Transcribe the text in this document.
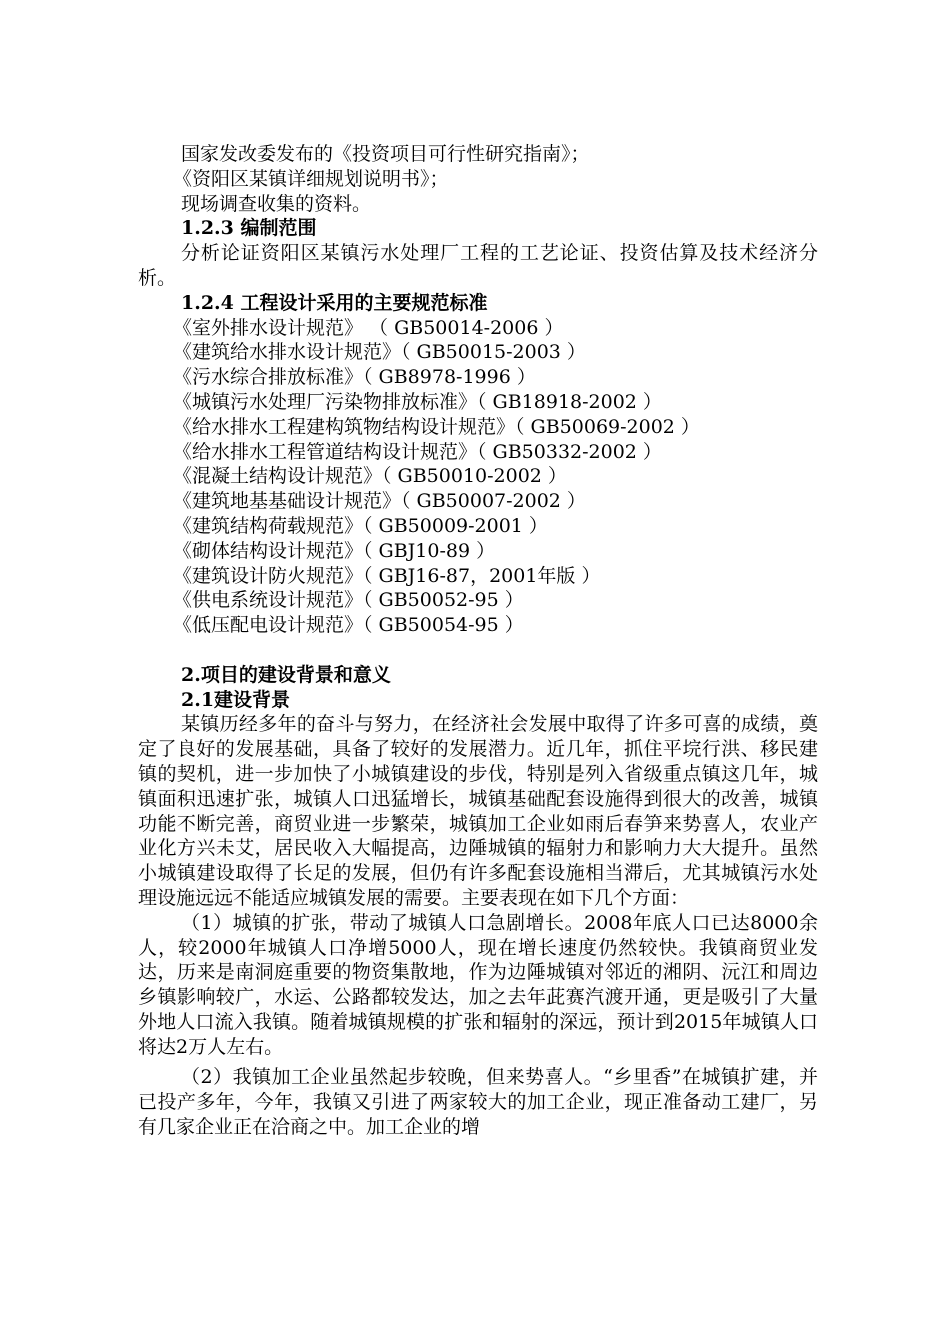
国家发改委发布的《投资项目可行性研究指南》；
《资阳区某镇详细规划说明书》；
现场调查收集的资料。
1.2.3 编制范围
分析论证资阳区某镇污水处理厂工程的工艺论证、投资估算及技术经济分析。
1.2.4 工程设计采用的主要规范标准
《室外排水设计规范》 （ GB50014-2006 ）
《建筑给水排水设计规范》（ GB50015-2003 ）
《污水综合排放标准》（ GB8978-1996 ）
《城镇污水处理厂污染物排放标准》（ GB18918-2002 ）
《给水排水工程建构筑物结构设计规范》（ GB50069-2002 ）
《给水排水工程管道结构设计规范》（ GB50332-2002 ）
《混凝土结构设计规范》（ GB50010-2002 ）
《建筑地基基础设计规范》（ GB50007-2002 ）
《建筑结构荷载规范》（ GB50009-2001 ）
《砌体结构设计规范》（ GBJ10-89 ）
《建筑设计防火规范》（ GBJ16-87，2001年版 ）
《供电系统设计规范》（ GB50052-95 ）
《低压配电设计规范》（ GB50054-95 ）
2.项目的建设背景和意义
2.1建设背景
某镇历经多年的奋斗与努力，在经济社会发展中取得了许多可喜的成绩，奠定了良好的发展基础，具备了较好的发展潜力。近几年，抓住平垸行洪、移民建镇的契机，进一步加快了小城镇建设的步伐，特别是列入省级重点镇这几年，城镇面积迅速扩张，城镇人口迅猛增长，城镇基础配套设施得到很大的改善，城镇功能不断完善，商贸业进一步繁荣，城镇加工企业如雨后春笋来势喜人，农业产业化方兴未艾，居民收入大幅提高，边陲城镇的辐射力和影响力大大提升。虽然小城镇建设取得了长足的发展，但仍有许多配套设施相当滞后，尤其城镇污水处理设施远远不能适应城镇发展的需要。主要表现在如下几个方面：
（1）城镇的扩张，带动了城镇人口急剧增长。2008年底人口已达8000余人，较2000年城镇人口净增5000人，现在增长速度仍然较快。我镇商贸业发达，历来是南洞庭重要的物资集散地，作为边陲城镇对邻近的湘阴、沅江和周边乡镇影响较广，水运、公路都较发达，加之去年茈赛汽渡开通，更是吸引了大量外地人口流入我镇。随着城镇规模的扩张和辐射的深远，预计到2015年城镇人口将达2万人左右。
（2）我镇加工企业虽然起步较晚，但来势喜人。“乡里香”在城镇扩建，并已投产多年，今年，我镇又引进了两家较大的加工企业，现正准备动工建厂，另有几家企业正在洽商之中。加工企业的增
